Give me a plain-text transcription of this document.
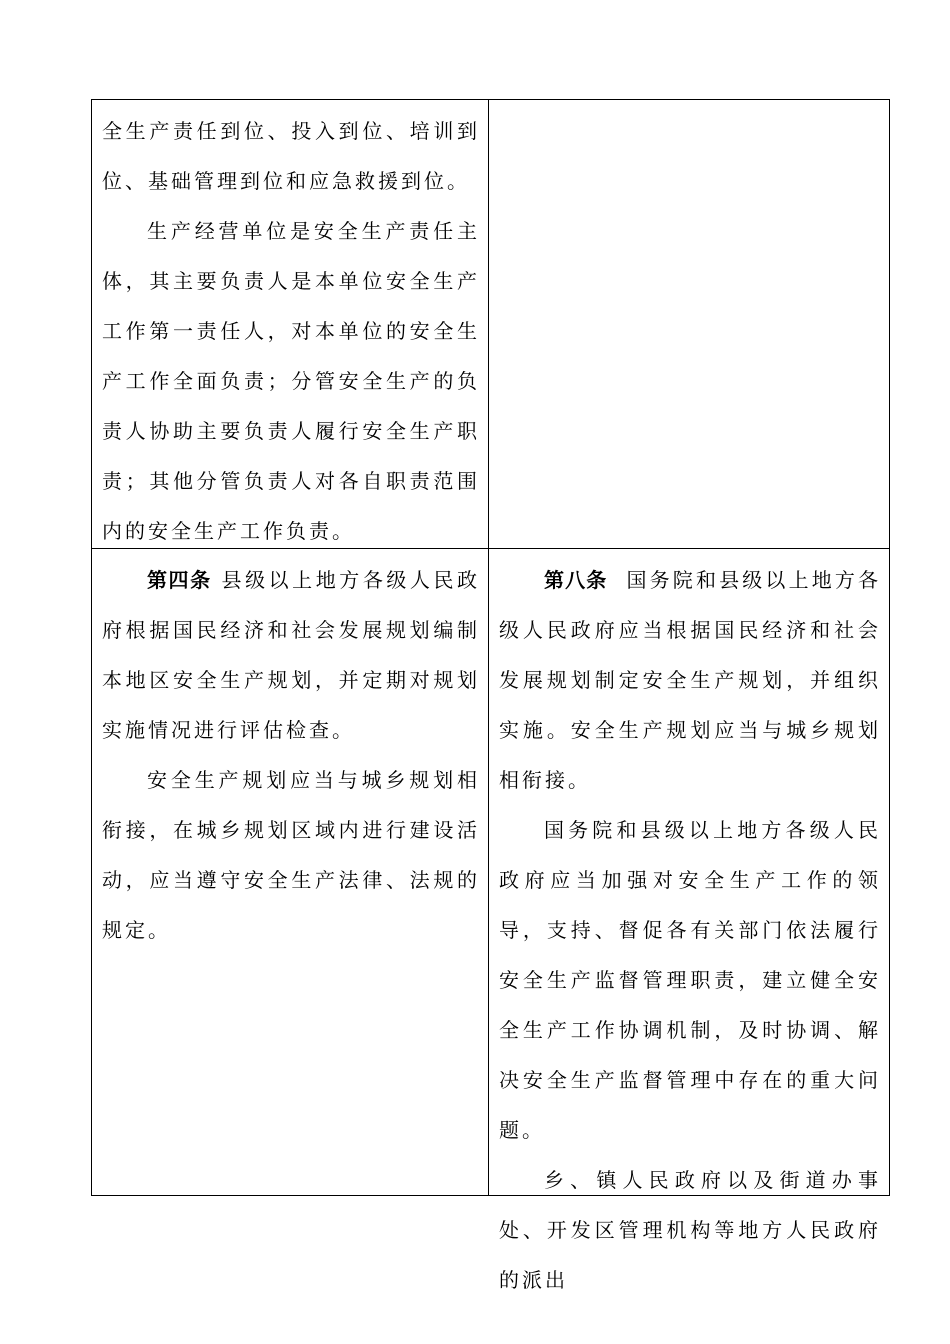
全生产责任到位、投入到位、培训到位、基础管理到位和应急救援到位。

生产经营单位是安全生产责任主体，其主要负责人是本单位安全生产工作第一责任人，对本单位的安全生产工作全面负责；分管安全生产的负责人协助主要负责人履行安全生产职责；其他分管负责人对各自职责范围内的安全生产工作负责。

第四条 县级以上地方各级人民政府根据国民经济和社会发展规划编制本地区安全生产规划，并定期对规划实施情况进行评估检查。

安全生产规划应当与城乡规划相衔接，在城乡规划区域内进行建设活动，应当遵守安全生产法律、法规的规定。

第八条 国务院和县级以上地方各级人民政府应当根据国民经济和社会发展规划制定安全生产规划，并组织实施。安全生产规划应当与城乡规划相衔接。

国务院和县级以上地方各级人民政府应当加强对安全生产工作的领导，支持、督促各有关部门依法履行安全生产监督管理职责，建立健全安全生产工作协调机制，及时协调、解决安全生产监督管理中存在的重大问题。

乡、镇人民政府以及街道办事处、开发区管理机构等地方人民政府的派出
